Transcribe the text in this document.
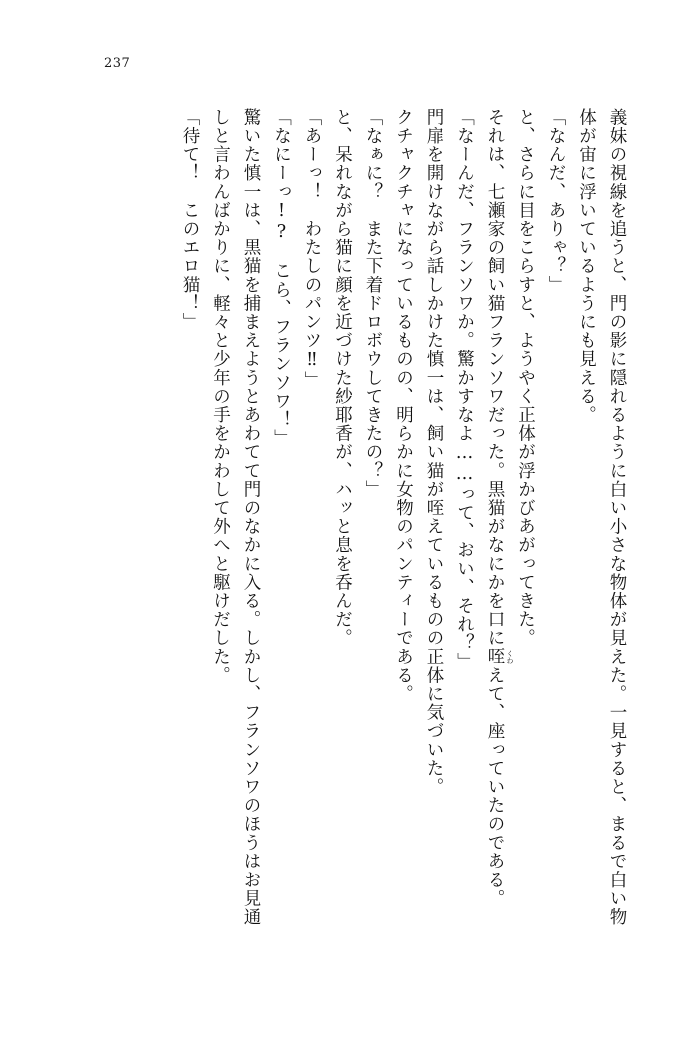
237

義妹の視線を追うと、門の影に隠れるように白い小さな物体が見えた。一見すると、まるで白い物体が宙に浮いているようにも見える。

「なんだ、ありゃ？」

と、さらに目をこらすと、ようやく正体が浮かびあがってきた。

それは、七瀬家の飼い猫フランソワだった。黒猫がなにかを口に咥 くわ
えて、座っていたのである。

「なーんだ、フランソワか。驚かすなよ……って、おい、それ？」

門扉を開けながら話しかけた慎一は、飼い猫が咥えているものの正体に気づいた。

クチャクチャになっているものの、明らかに女物のパンティーである。

「なぁに？　また下着ドロボウしてきたの？」

と、呆れながら猫に顔を近づけた紗耶香が、ハッと息を呑んだ。

「あーっ！　わたしのパンツ‼」

「なにーっ!?　こら、フランソワ！」

驚いた慎一は、黒猫を捕まえようとあわてて門のなかに入る。しかし、フランソワのほうはお見通しと言わんばかりに、軽々と少年の手をかわして外へと駆けだした。

「待て！　このエロ猫！」
